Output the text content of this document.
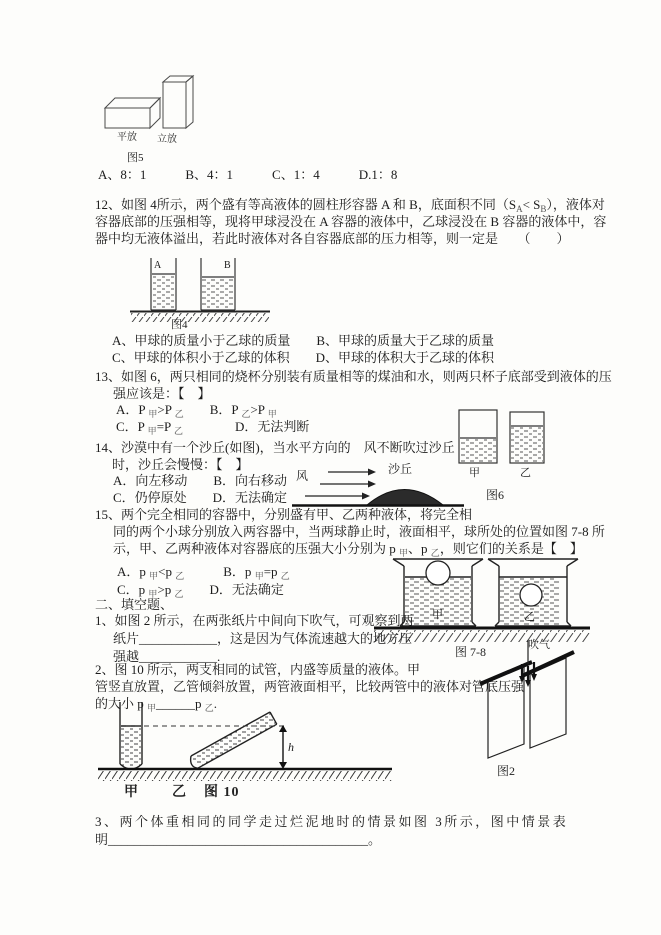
平放 立放
图5
A、8：1　　　B、4：1　　　C、1：4　　　D.1：8
12、如图 4所示，两个盛有等高液体的圆柱形容器 A 和 B，底面积不同$(S_A< S_B)$，液体对
容器底部的压强相等，现将甲球浸没在 A 容器的液体中，乙球浸没在 B 容器的液体中，容
器中均无液体溢出，若此时液体对各自容器底部的压力相等，则一定是　　（　　）
A	B
图4
A、甲球的质量小于乙球的质量　　B、甲球的质量大于乙球的质量
C、甲球的体积小于乙球的体积　　D、甲球的体积大于乙球的体积
13、如图 6，两只相同的烧杯分别装有质量相等的煤油和水，则两只杯子底部受到液体的压
强应该是：【　】
A．P $_甲$>P $_乙$　　B．P $_乙$>P $_甲$
C．P $_甲$=P $_乙$　　　　D．无法判断
甲	乙
图6
14、沙漠中有一个沙丘(如图)，当水平方向的　风不断吹过沙丘
时，沙丘会慢慢：【　】
A．向左移动　　B．向右移动
C．仍停原处　　D．无法确定
风	沙丘
15、两个完全相同的容器中，分别盛有甲、乙两种液体，将完全相
同的两个小球分别放入两容器中，当两球静止时，液面相平，球所处的位置如图 7-8 所
示，甲、乙两种液体对容器底的压强大小分别为 p $_甲$、p $_乙$，则它们的关系是【　】
A．p $_甲$<p $_乙$　　　B．p $_甲$=p $_乙$
C．p $_甲$>p $_乙$　　D．无法确定
甲	乙
图 7-8
二、填空题、
1、如图 2 所示，在两张纸片中间向下吹气，可观察到两
纸片____________，这是因为气体流速越大的地方压
强越____________.
吹气
图2
2、图 10 所示，两支相同的试管，内盛等质量的液体。甲
管竖直放置，乙管倾斜放置，两管液面相平，比较两管中的液体对管底压强
的大小 p $_甲$______p $_乙$.
h
甲 乙 图 10
3、两个体重相同的同学走过烂泥地时的情景如图 3所示，图中情景表
明________________________________________。
